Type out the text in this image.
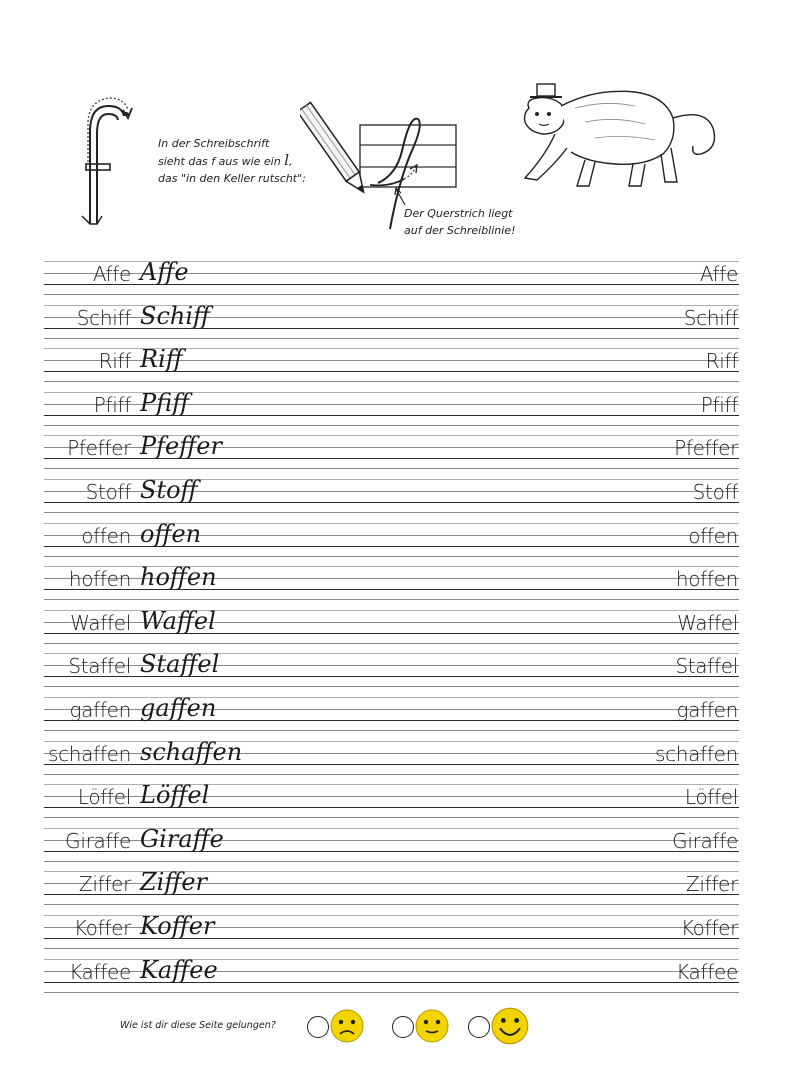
In der Schreibschrift
sieht das f aus wie ein l,
das "in den Keller rutscht":
Der Querstrich liegt
auf der Schreiblinie!
Affe Affe	Affe
Schiff Schiff	Schiff
Riff Riff	Riff
Pfiff Pfiff	Pfiff
Pfeffer Pfeffer	Pfeffer
Stoff Stoff	Stoff
offen offen	offen
hoffen hoffen	hoffen
Waffel Waffel	Waffel
Staffel Staffel	Staffel
gaffen gaffen	gaffen
schaffen schaffen	schaffen
Löffel Löffel	Löffel
Giraffe Giraffe	Giraffe
Ziffer Ziffer	Ziffer
Koffer Koffer	Koffer
Kaffee Kaffee	Kaffee
Wie ist dir diese Seite gelungen?
